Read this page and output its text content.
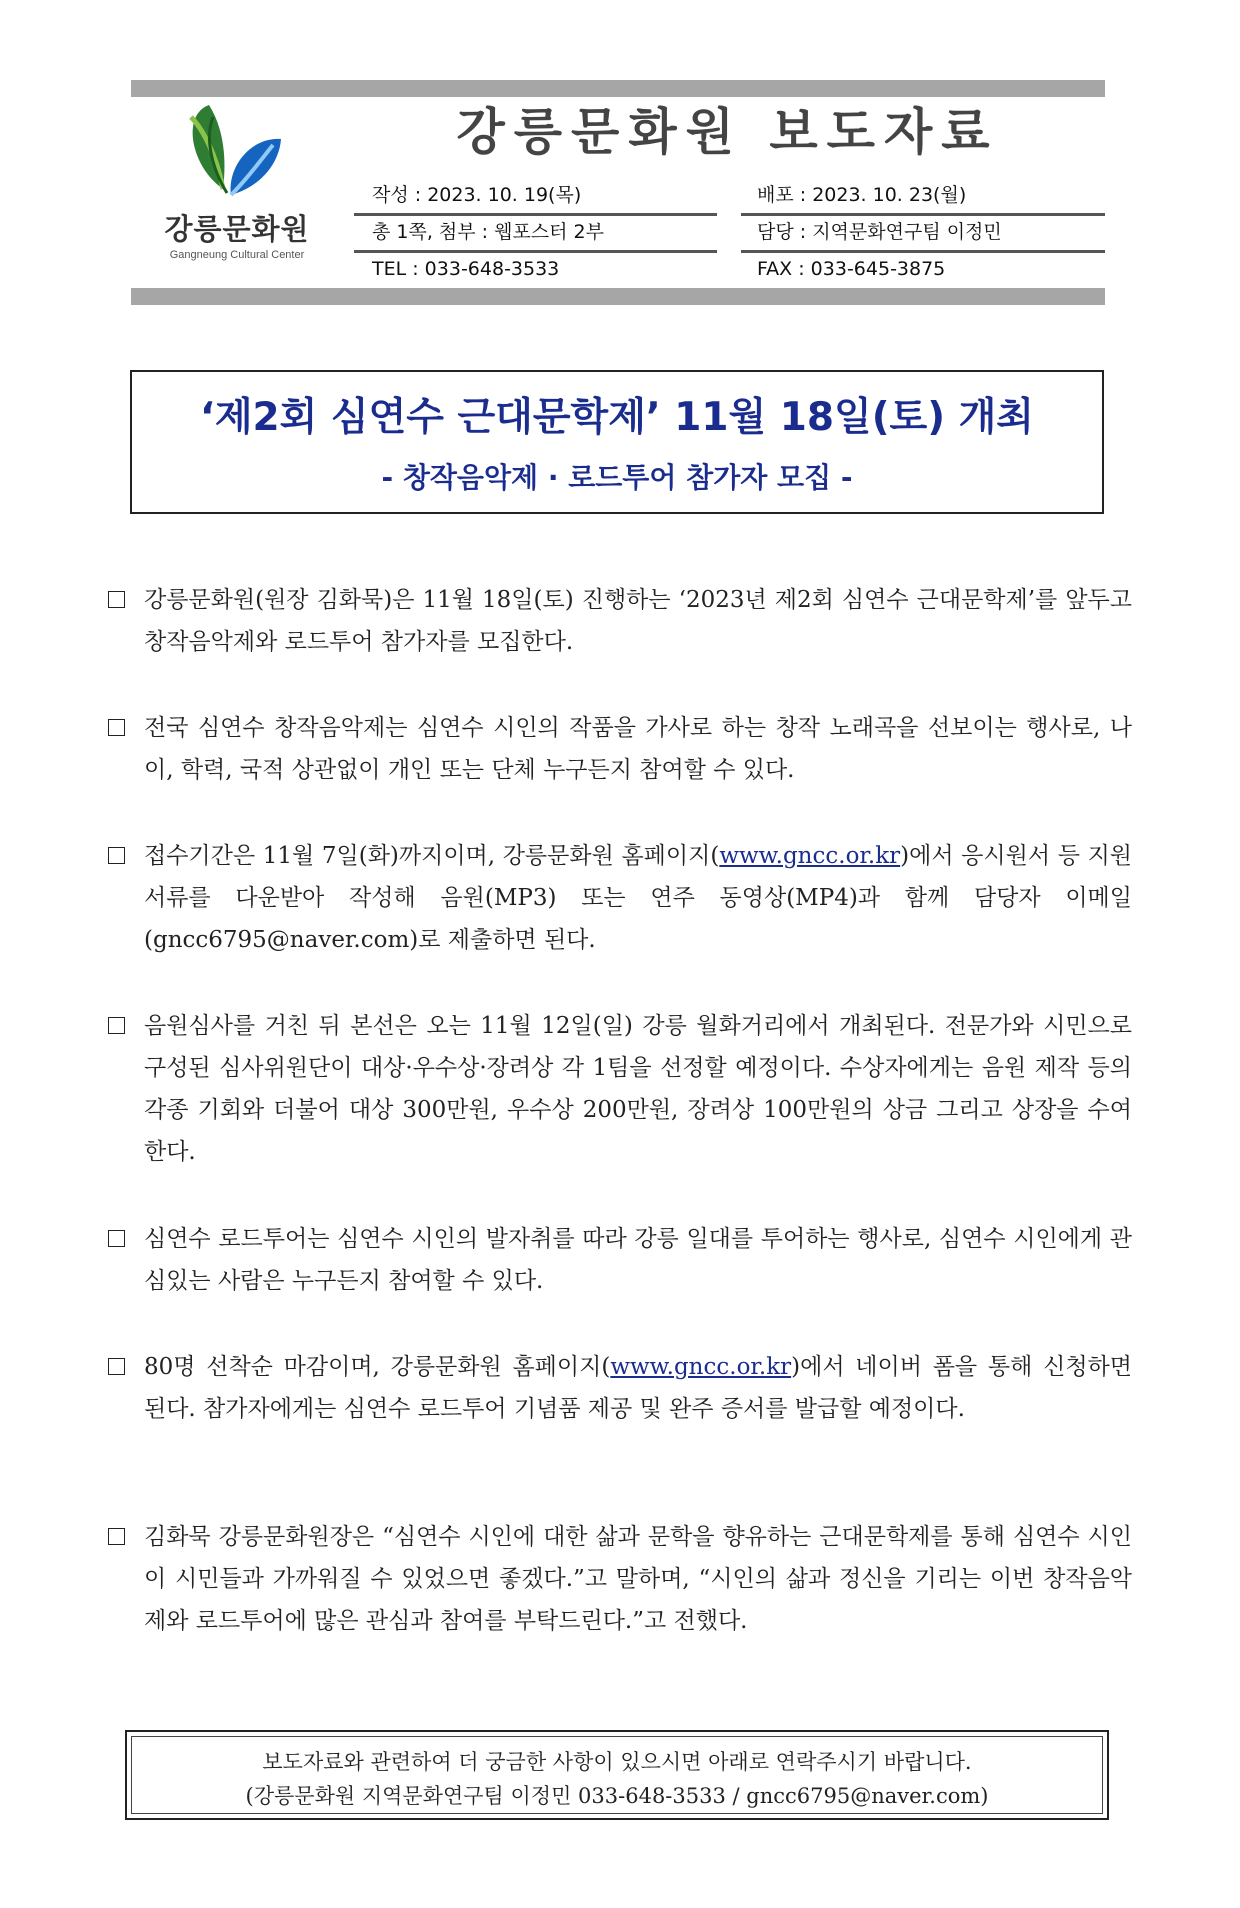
강릉문화원
Gangneung Cultural Center
강릉문화원 보도자료
작성 : 2023. 10. 19(목)	배포 : 2023. 10. 23(월)
총 1쪽, 첨부 : 웹포스터 2부	담당 : 지역문화연구팀 이정민
TEL : 033-648-3533	FAX : 033-645-3875
‘제2회 심연수 근대문학제’ 11월 18일(토) 개최
- 창작음악제 · 로드투어 참가자 모집 -

강릉문화원(원장 김화묵)은 11월 18일(토) 진행하는 ‘2023년 제2회 심연수 근대문학제’를 앞두고 창작음악제와 로드투어 참가자를 모집한다.

전국 심연수 창작음악제는 심연수 시인의 작품을 가사로 하는 창작 노래곡을 선보이는 행사로, 나이, 학력, 국적 상관없이 개인 또는 단체 누구든지 참여할 수 있다.

접수기간은 11월 7일(화)까지이며, 강릉문화원 홈페이지(www.gncc.or.kr)에서 응시원서 등 지원서류를 다운받아 작성해 음원(MP3) 또는 연주 동영상(MP4)과 함께 담당자 이메일(gncc6795@naver.com)로 제출하면 된다.

음원심사를 거친 뒤 본선은 오는 11월 12일(일) 강릉 월화거리에서 개최된다. 전문가와 시민으로 구성된 심사위원단이 대상·우수상·장려상 각 1팀을 선정할 예정이다. 수상자에게는 음원 제작 등의 각종 기회와 더불어 대상 300만원, 우수상 200만원, 장려상 100만원의 상금 그리고 상장을 수여한다.

심연수 로드투어는 심연수 시인의 발자취를 따라 강릉 일대를 투어하는 행사로, 심연수 시인에게 관심있는 사람은 누구든지 참여할 수 있다.

80명 선착순 마감이며, 강릉문화원 홈페이지(www.gncc.or.kr)에서 네이버 폼을 통해 신청하면 된다. 참가자에게는 심연수 로드투어 기념품 제공 및 완주 증서를 발급할 예정이다.

김화묵 강릉문화원장은 “심연수 시인에 대한 삶과 문학을 향유하는 근대문학제를 통해 심연수 시인이 시민들과 가까워질 수 있었으면 좋겠다.”고 말하며, “시인의 삶과 정신을 기리는 이번 창작음악제와 로드투어에 많은 관심과 참여를 부탁드린다.”고 전했다.

보도자료와 관련하여 더 궁금한 사항이 있으시면 아래로 연락주시기 바랍니다.
(강릉문화원 지역문화연구팀 이정민 033-648-3533 / gncc6795@naver.com)
